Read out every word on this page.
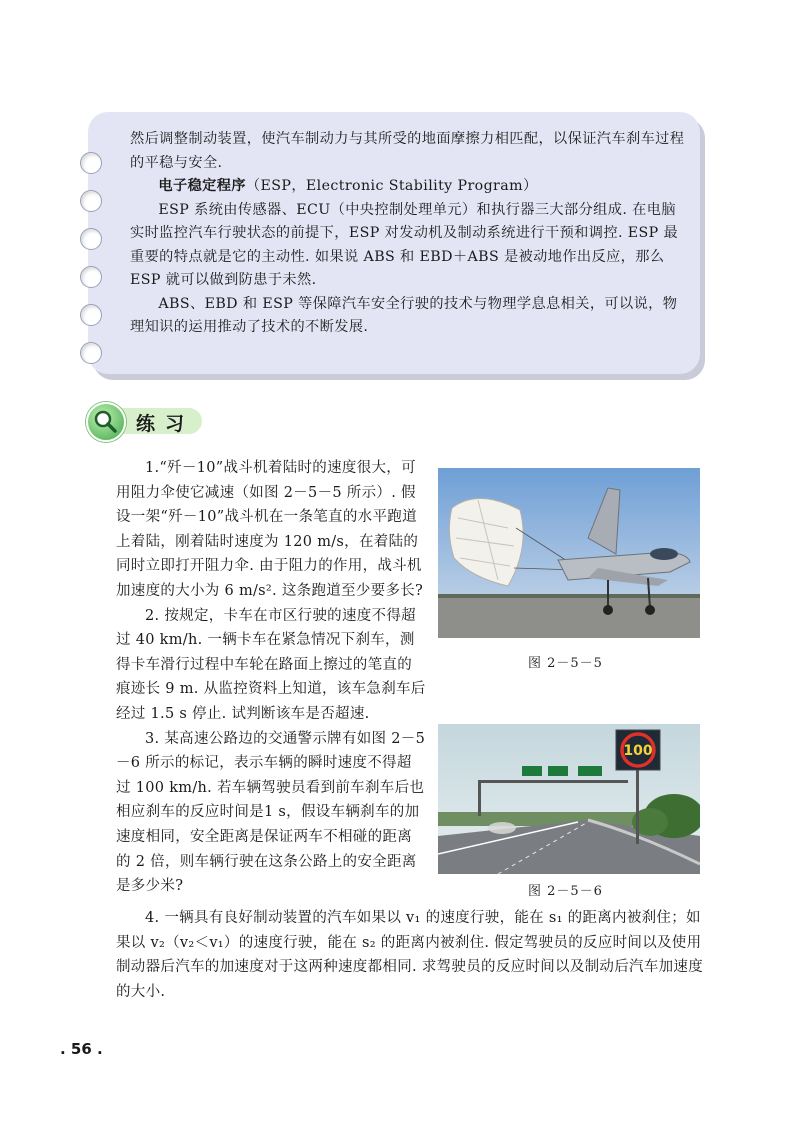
然后调整制动装置，使汽车制动力与其所受的地面摩擦力相匹配，以保证汽车刹车过程的平稳与安全.

电子稳定程序（ESP，Electronic Stability Program）

ESP 系统由传感器、ECU（中央控制处理单元）和执行器三大部分组成. 在电脑实时监控汽车行驶状态的前提下，ESP 对发动机及制动系统进行干预和调控. ESP 最重要的特点就是它的主动性. 如果说 ABS 和 EBD＋ABS 是被动地作出反应，那么 ESP 就可以做到防患于未然.

ABS、EBD 和 ESP 等保障汽车安全行驶的技术与物理学息息相关，可以说，物理知识的运用推动了技术的不断发展.

练习

1.“歼－10”战斗机着陆时的速度很大，可用阻力伞使它减速（如图 2－5－5 所示）. 假设一架“歼－10”战斗机在一条笔直的水平跑道上着陆，刚着陆时速度为 120 m/s，在着陆的同时立即打开阻力伞. 由于阻力的作用，战斗机加速度的大小为 6 m/s². 这条跑道至少要多长?

2. 按规定，卡车在市区行驶的速度不得超过 40 km/h. 一辆卡车在紧急情况下刹车，测得卡车滑行过程中车轮在路面上擦过的笔直的痕迹长 9 m. 从监控资料上知道，该车急刹车后经过 1.5 s 停止. 试判断该车是否超速.

3. 某高速公路边的交通警示牌有如图 2－5－6 所示的标记，表示车辆的瞬时速度不得超过 100 km/h. 若车辆驾驶员看到前车刹车后也相应刹车的反应时间是1 s，假设车辆刹车的加速度相同，安全距离是保证两车不相碰的距离的 2 倍，则车辆行驶在这条公路上的安全距离是多少米?

图 2－5－5
100
图 2－5－6

4. 一辆具有良好制动装置的汽车如果以 v₁ 的速度行驶，能在 s₁ 的距离内被刹住；如果以 v₂（v₂＜v₁）的速度行驶，能在 s₂ 的距离内被刹住. 假定驾驶员的反应时间以及使用制动器后汽车的加速度对于这两种速度都相同. 求驾驶员的反应时间以及制动后汽车加速度的大小.

. 56 .
